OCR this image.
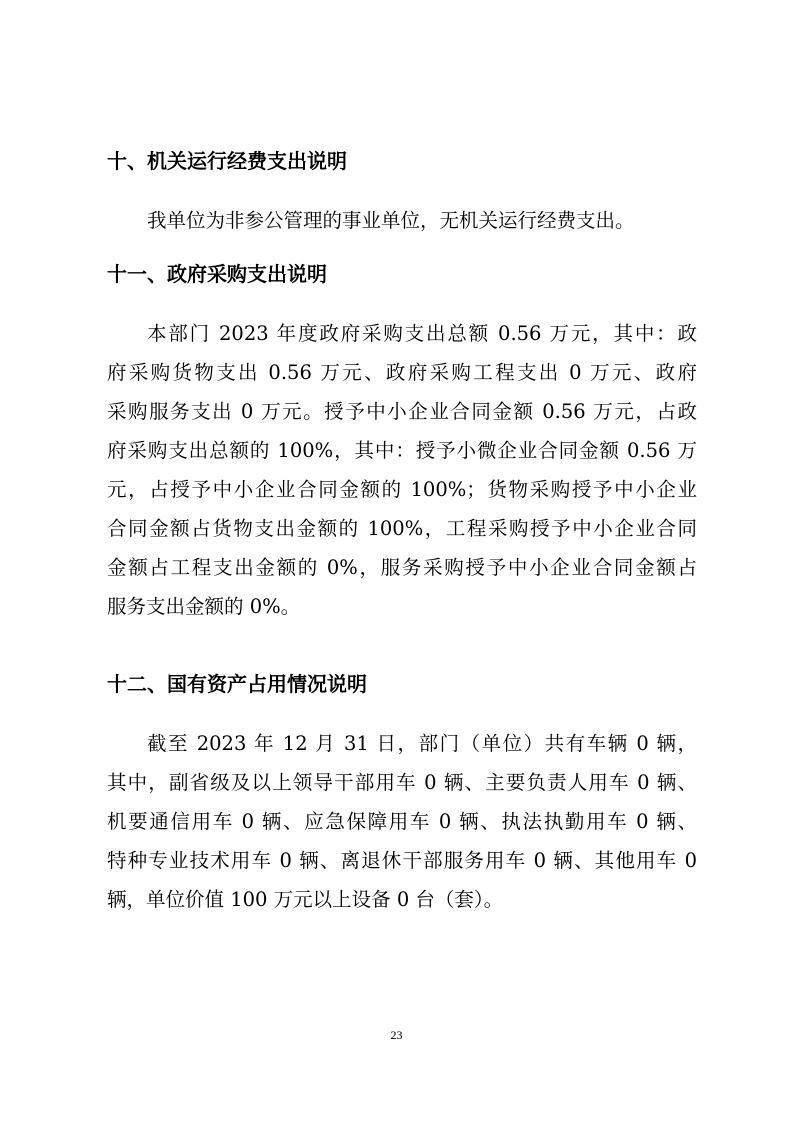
十、机关运行经费支出说明
我单位为非参公管理的事业单位，无机关运行经费支出。
十一、政府采购支出说明
本部门 2023 年度政府采购支出总额 0.56 万元，其中：政
府采购货物支出 0.56 万元、政府采购工程支出 0 万元、政府
采购服务支出 0 万元。授予中小企业合同金额 0.56 万元，占政
府采购支出总额的 100%，其中：授予小微企业合同金额 0.56 万
元，占授予中小企业合同金额的 100%；货物采购授予中小企业
合同金额占货物支出金额的 100%，工程采购授予中小企业合同
金额占工程支出金额的 0%，服务采购授予中小企业合同金额占
服务支出金额的 0%。
十二、国有资产占用情况说明
截至 2023 年 12 月 31 日，部门（单位）共有车辆 0 辆，
其中，副省级及以上领导干部用车 0 辆、主要负责人用车 0 辆、
机要通信用车 0 辆、应急保障用车 0 辆、执法执勤用车 0 辆、
特种专业技术用车 0 辆、离退休干部服务用车 0 辆、其他用车 0
辆，单位价值 100 万元以上设备 0 台（套）。
23
